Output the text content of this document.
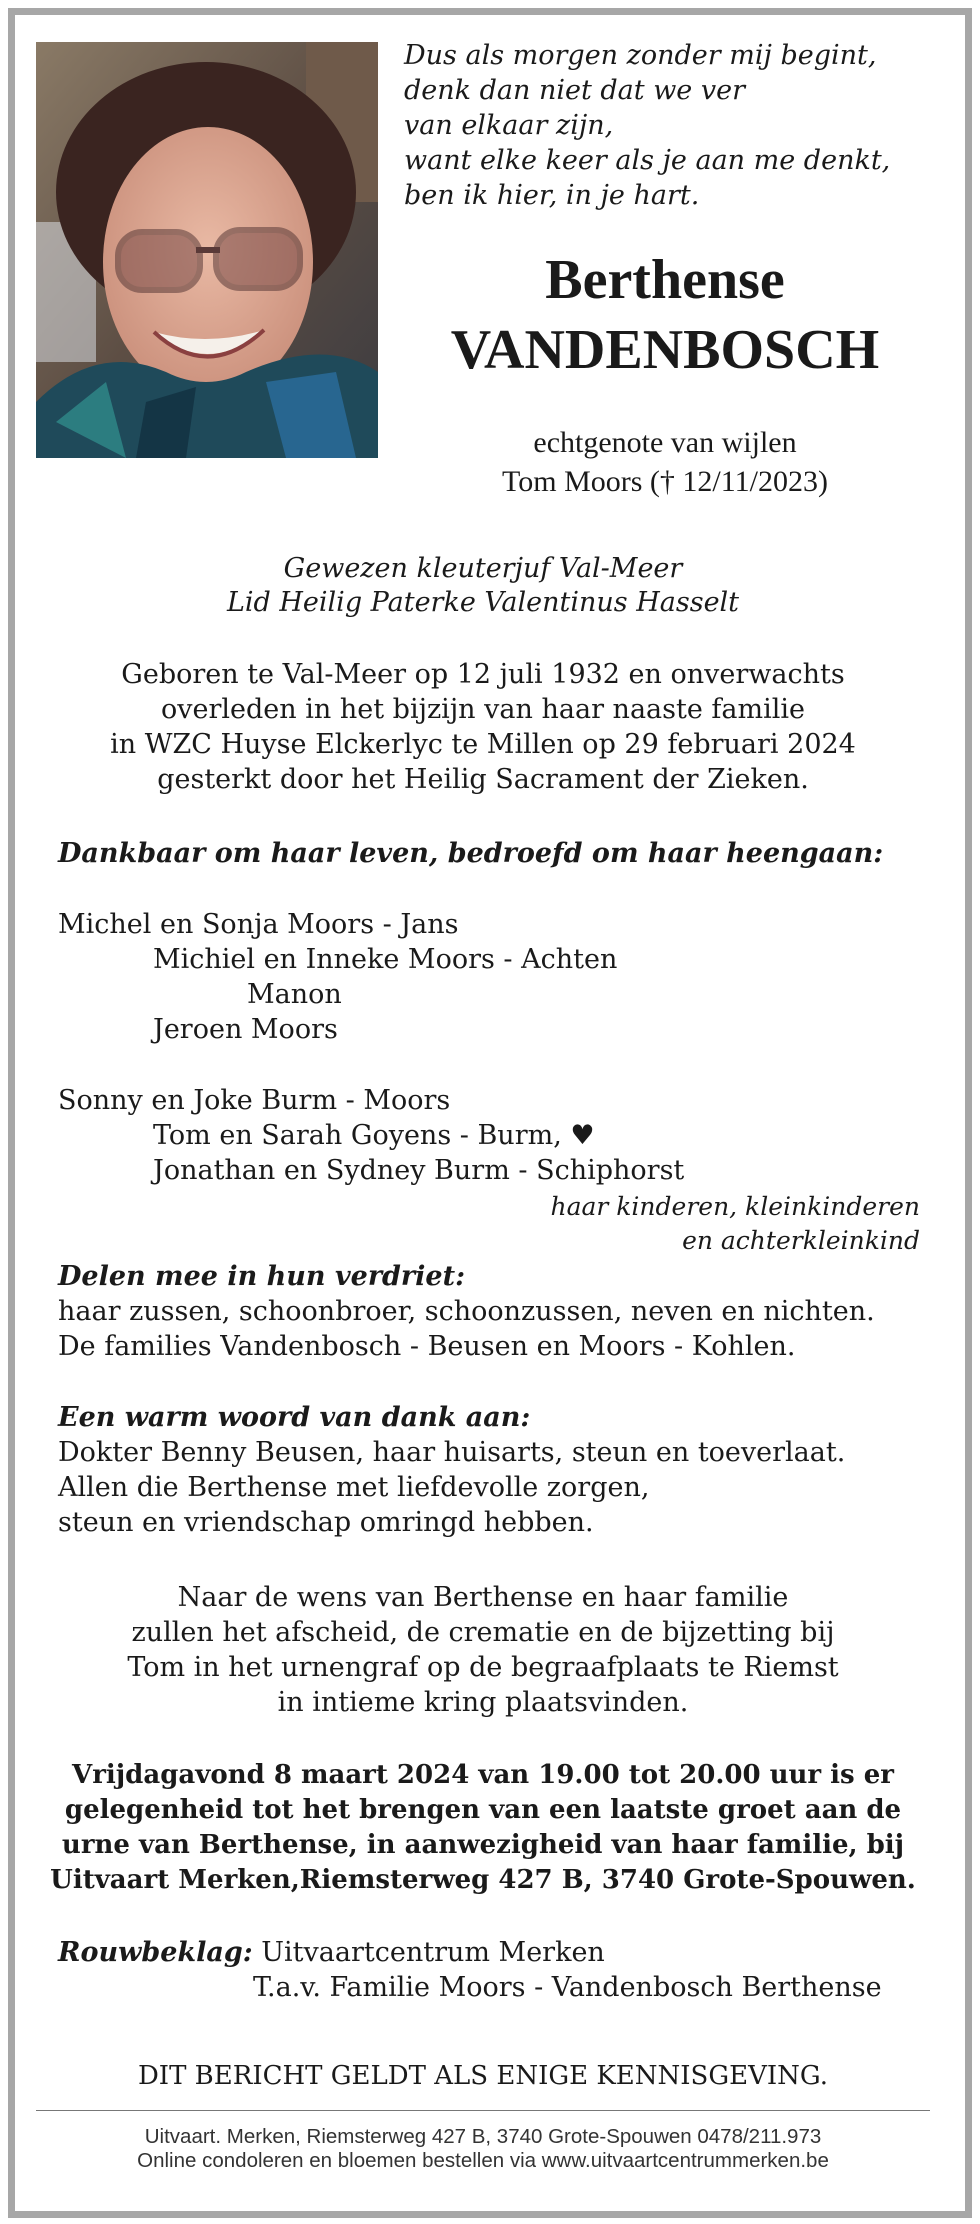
Dus als morgen zonder mij begint,
denk dan niet dat we ver
van elkaar zijn,
want elke keer als je aan me denkt,
ben ik hier, in je hart.
Berthense
VANDENBOSCH
echtgenote van wijlen
Tom Moors († 12/11/2023)
Gewezen kleuterjuf Val-Meer
Lid Heilig Paterke Valentinus Hasselt
Geboren te Val-Meer op 12 juli 1932 en onverwachts
overleden in het bijzijn van haar naaste familie
in WZC Huyse Elckerlyc te Millen op 29 februari 2024
gesterkt door het Heilig Sacrament der Zieken.
Dankbaar om haar leven, bedroefd om haar heengaan:
Michel en Sonja Moors - Jans
Michiel en Inneke Moors - Achten
Manon
Jeroen Moors
Sonny en Joke Burm - Moors
Tom en Sarah Goyens - Burm, ♥
Jonathan en Sydney Burm - Schiphorst
haar kinderen, kleinkinderen
en achterkleinkind
Delen mee in hun verdriet:
haar zussen, schoonbroer, schoonzussen, neven en nichten.
De families Vandenbosch - Beusen en Moors - Kohlen.
Een warm woord van dank aan:
Dokter Benny Beusen, haar huisarts, steun en toeverlaat.
Allen die Berthense met liefdevolle zorgen,
steun en vriendschap omringd hebben.
Naar de wens van Berthense en haar familie
zullen het afscheid, de crematie en de bijzetting bij
Tom in het urnengraf op de begraafplaats te Riemst
in intieme kring plaatsvinden.
Vrijdagavond 8 maart 2024 van 19.00 tot 20.00 uur is er
gelegenheid tot het brengen van een laatste groet aan de
urne van Berthense, in aanwezigheid van haar familie, bij
Uitvaart Merken,Riemsterweg 427 B, 3740 Grote-Spouwen.
Rouwbeklag: Uitvaartcentrum Merken
T.a.v. Familie Moors - Vandenbosch Berthense
DIT BERICHT GELDT ALS ENIGE KENNISGEVING.
Uitvaart. Merken, Riemsterweg 427 B, 3740 Grote-Spouwen 0478/211.973
Online condoleren en bloemen bestellen via www.uitvaartcentrummerken.be
